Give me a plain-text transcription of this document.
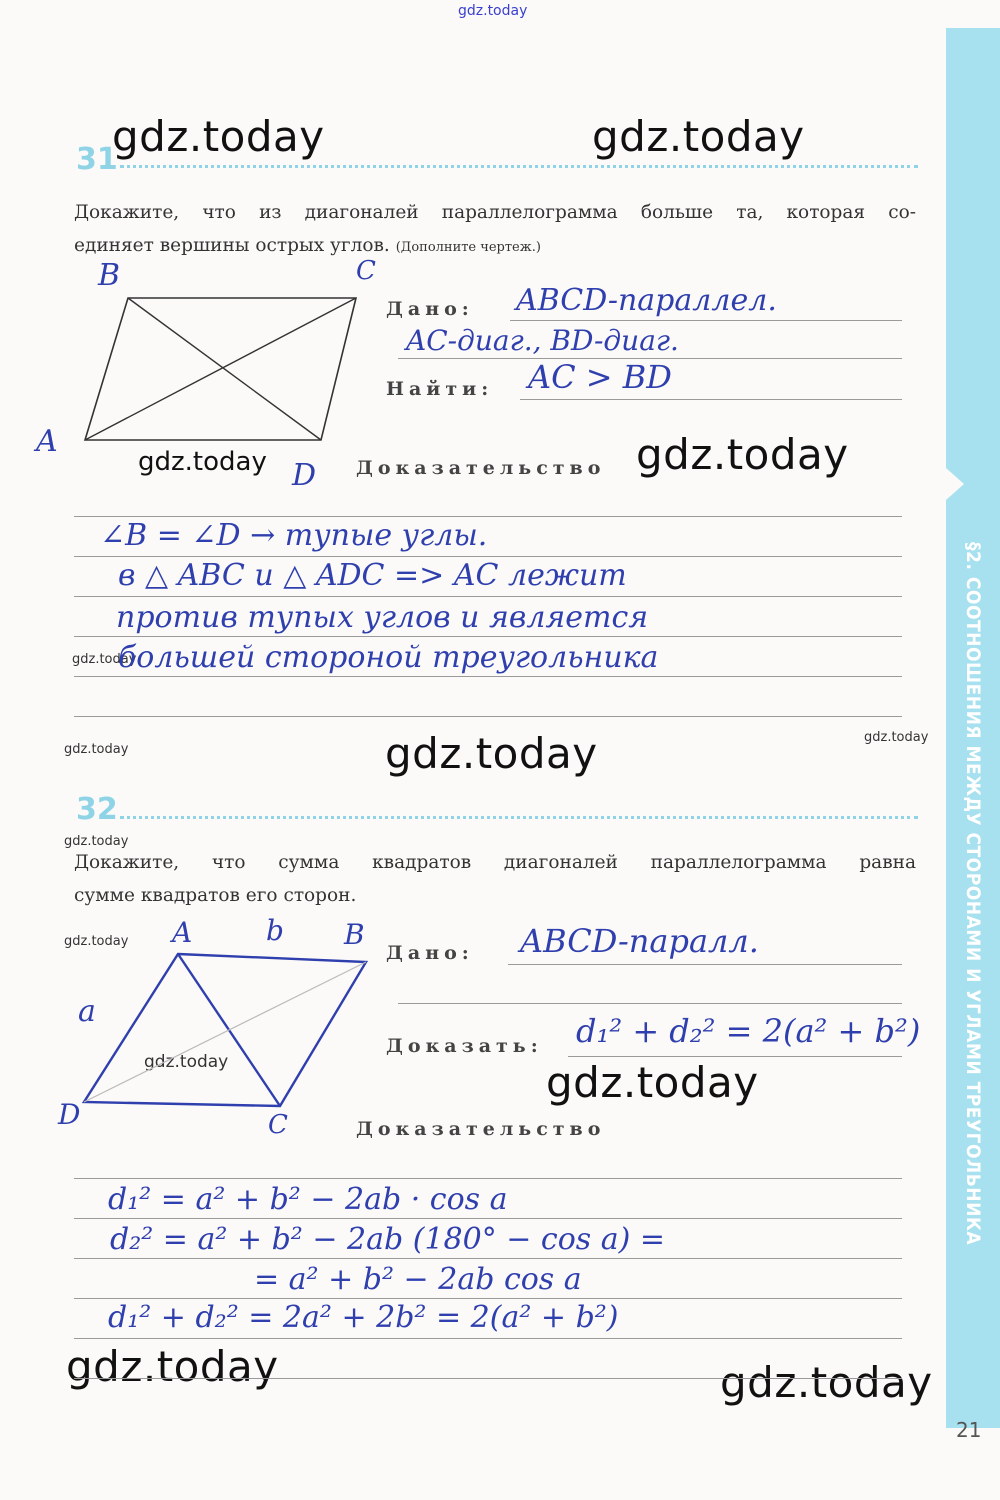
gdz.today
gdz.today	gdz.today
gdz.today	gdz.today
gdz.today
gdz.today	gdz.today	gdz.today
gdz.today
gdz.today
gdz.today	gdz.today
gdz.today	gdz.today
§2. СООТНОШЕНИЯ МЕЖДУ СТОРОНАМИ И УГЛАМИ ТРЕУГОЛЬНИКА
31
Докажите, что из диагоналей параллелограмма больше та, которая со-
единяет вершины острых углов. (Дополните чертеж.)
B	C
A
D
Дано: ABCD-параллел.
AC-диаг., BD-диаг.
Найти: AC > BD
Доказательство
∠B = ∠D → тупые углы.
в △ ABC и △ ADC => AC лежит
против тупых углов и является
большей стороной треугольника
32
Докажите, что сумма квадратов диагоналей параллелограмма равна
сумме квадратов его сторон.
A	b B
a
D	C
Дано: ABCD-паралл.
Доказать: d₁² + d₂² = 2(a² + b²)
Доказательство
d₁² = a² + b² − 2ab · cos a
d₂² = a² + b² − 2ab (180° − cos a) =
= a² + b² − 2ab cos a
d₁² + d₂² = 2a² + 2b² = 2(a² + b²)
21
